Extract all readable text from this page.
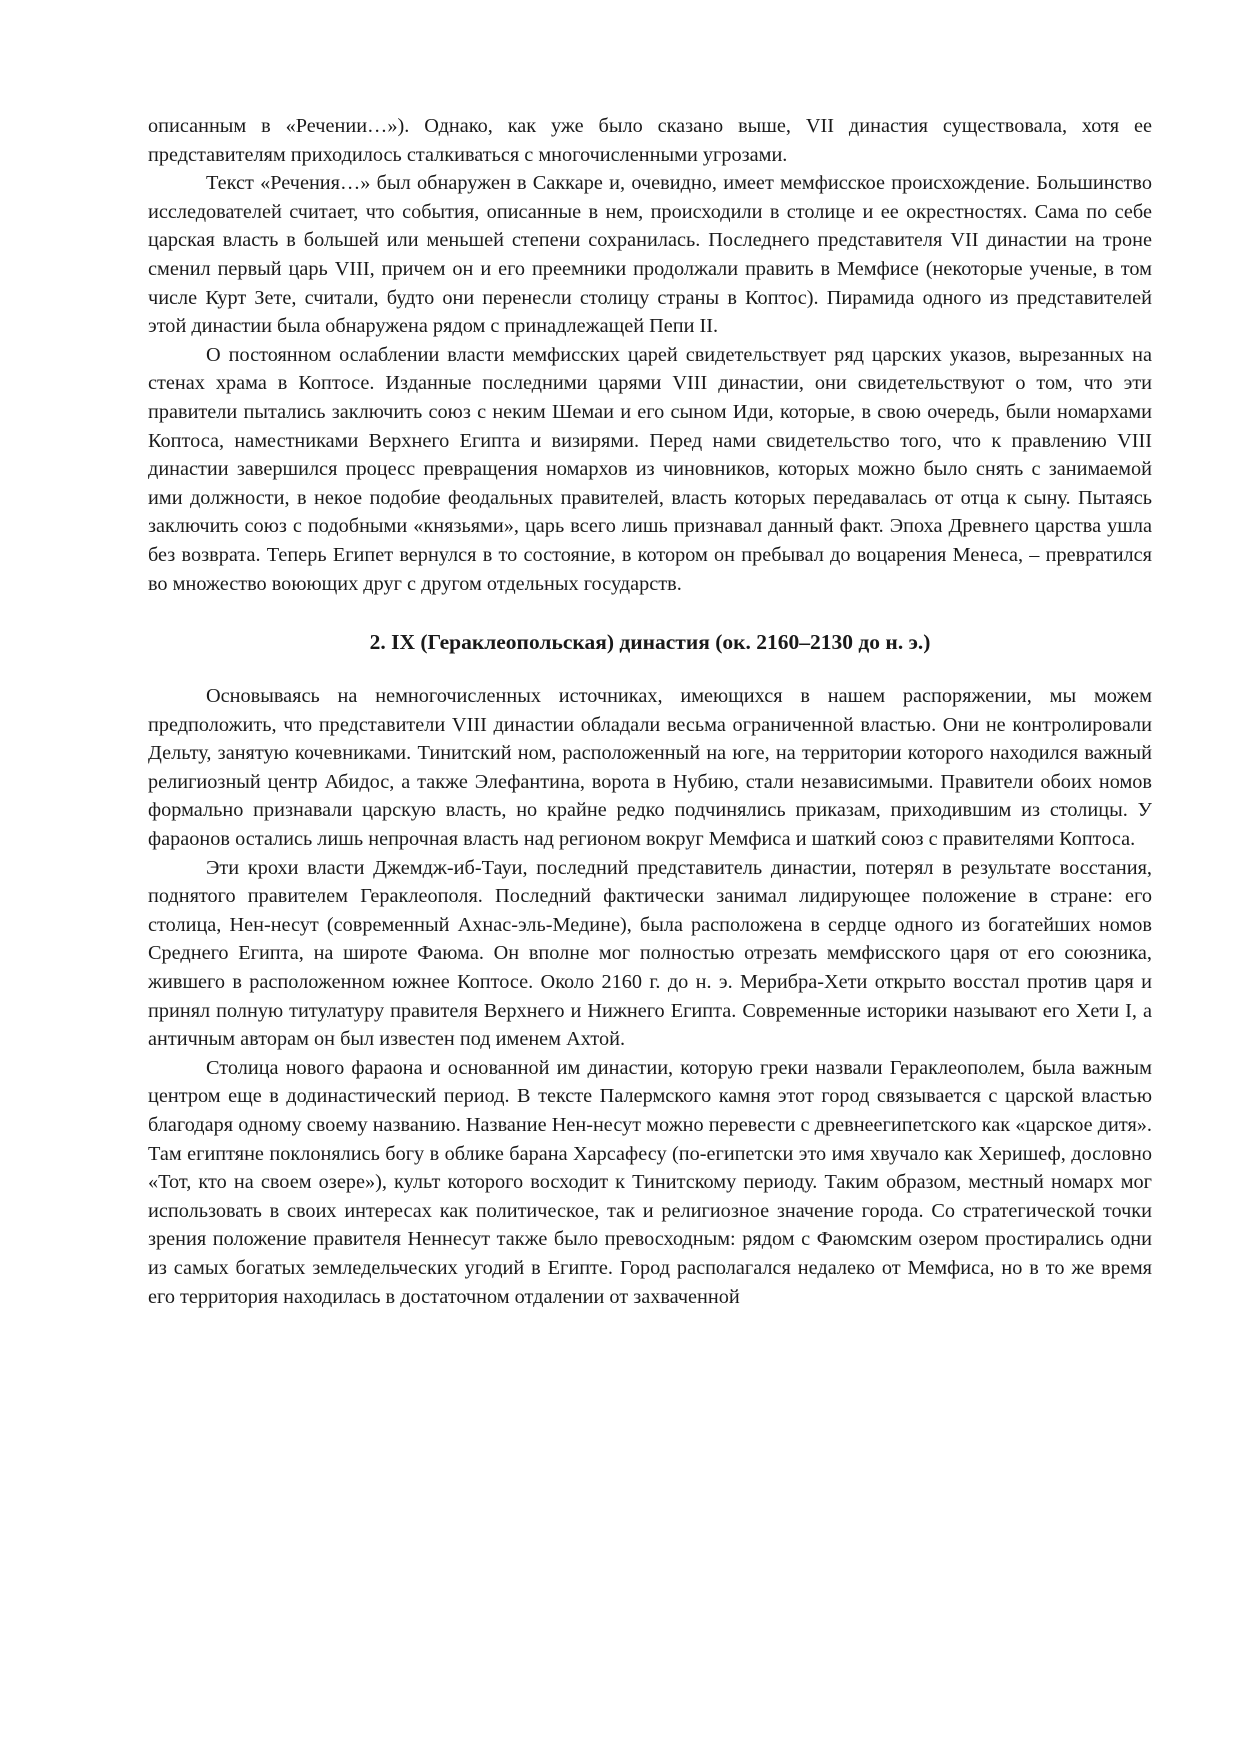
описанным в «Речении…»). Однако, как уже было сказано выше, VII династия существовала, хотя ее представителям приходилось сталкиваться с многочисленными угрозами.

Текст «Речения…» был обнаружен в Саккаре и, очевидно, имеет мемфисское происхождение. Большинство исследователей считает, что события, описанные в нем, происходили в столице и ее окрестностях. Сама по себе царская власть в большей или меньшей степени сохранилась. Последнего представителя VII династии на троне сменил первый царь VIII, причем он и его преемники продолжали править в Мемфисе (некоторые ученые, в том числе Курт Зете, считали, будто они перенесли столицу страны в Коптос). Пирамида одного из представителей этой династии была обнаружена рядом с принадлежащей Пепи II.

О постоянном ослаблении власти мемфисских царей свидетельствует ряд царских указов, вырезанных на стенах храма в Коптосе. Изданные последними царями VIII династии, они свидетельствуют о том, что эти правители пытались заключить союз с неким Шемаи и его сыном Иди, которые, в свою очередь, были номархами Коптоса, наместниками Верхнего Египта и визирями. Перед нами свидетельство того, что к правлению VIII династии завершился процесс превращения номархов из чиновников, которых можно было снять с занимаемой ими должности, в некое подобие феодальных правителей, власть которых передавалась от отца к сыну. Пытаясь заключить союз с подобными «князьями», царь всего лишь признавал данный факт. Эпоха Древнего царства ушла без возврата. Теперь Египет вернулся в то состояние, в котором он пребывал до воцарения Менеса, – превратился во множество воюющих друг с другом отдельных государств.

2. IX (Гераклеопольская) династия (ок. 2160–2130 до н. э.)

Основываясь на немногочисленных источниках, имеющихся в нашем распоряжении, мы можем предположить, что представители VIII династии обладали весьма ограниченной властью. Они не контролировали Дельту, занятую кочевниками. Тинитский ном, расположенный на юге, на территории которого находился важный религиозный центр Абидос, а также Элефантина, ворота в Нубию, стали независимыми. Правители обоих номов формально признавали царскую власть, но крайне редко подчинялись приказам, приходившим из столицы. У фараонов остались лишь непрочная власть над регионом вокруг Мемфиса и шаткий союз с правителями Коптоса.

Эти крохи власти Джемдж-иб-Тауи, последний представитель династии, потерял в результате восстания, поднятого правителем Гераклеополя. Последний фактически занимал лидирующее положение в стране: его столица, Нен-несут (современный Ахнас-эль-Медине), была расположена в сердце одного из богатейших номов Среднего Египта, на широте Фаюма. Он вполне мог полностью отрезать мемфисского царя от его союзника, жившего в расположенном южнее Коптосе. Около 2160 г. до н. э. Мерибра-Хети открыто восстал против царя и принял полную титулатуру правителя Верхнего и Нижнего Египта. Современные историки называют его Хети I, а античным авторам он был известен под именем Ахтой.

Столица нового фараона и основанной им династии, которую греки назвали Гераклеополем, была важным центром еще в додинастический период. В тексте Палермского камня этот город связывается с царской властью благодаря одному своему названию. Название Нен-несут можно перевести с древнеегипетского как «царское дитя». Там египтяне поклонялись богу в облике барана Харсафесу (по-египетски это имя хвучало как Херишеф, дословно «Тот, кто на своем озере»), культ которого восходит к Тинитскому периоду. Таким образом, местный номарх мог использовать в своих интересах как политическое, так и религиозное значение города. Со стратегической точки зрения положение правителя Неннесут также было превосходным: рядом с Фаюмским озером простирались одни из самых богатых земледельческих угодий в Египте. Город располагался недалеко от Мемфиса, но в то же время его территория находилась в достаточном отдалении от захваченной
